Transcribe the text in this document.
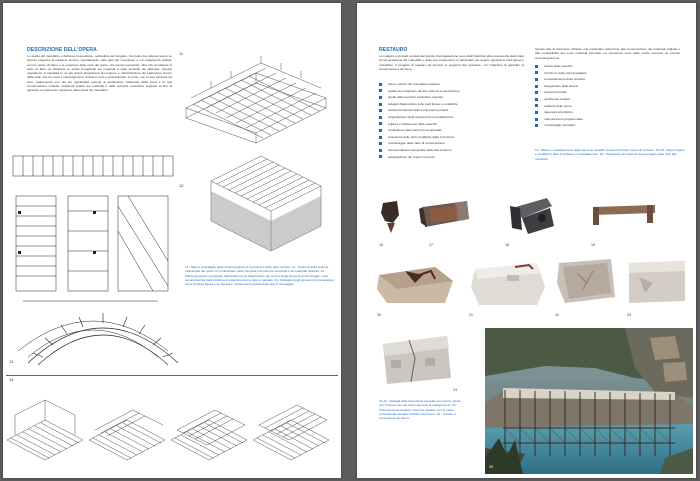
DESCRIZIONE DELL'OPERA

Lo studio del manufatto e dell'area in questione, nell'ambito del progetto, ha risolto con attento lavoro su diverse esigenze di carattere tecnico, specialmente nelle parti più complesse e con esperienza pratica, ecco le opere di rilievo e le coperture delle zone del ponte, che hanno consentito, oltre che di valutare lo stato di fatto, di effettuare le scelte progettuali sui materiali e sulle tecniche da utilizzare. Questa operazione si inquadra in un più ampio programma di recupero e valorizzazione del patrimonio storico della città, che ha visto il coinvolgimento di diversi enti e professionisti. Il ponte, con la sua struttura ad arco, rappresenta uno dei più significativi esempi di architettura medievale della zona e la sua conservazione richiede un'attenta analisi dei materiali e delle tecniche costruttive originali, al fine di garantire un intervento rispettoso della storia del manufatto.

11
12
13

11 - Rilievo di dettaglio della struttura lignea di copertura e delle parti murarie. 12 - Schema della sezione trasversale del ponte con indicazione delle principali componenti strutturali e dei materiali utilizzati. 13 - Pianta generale e prospetto dell'arcata con la disposizione dei conci e degli elementi di ancoraggio; vista assonometrica della struttura di copertura con le travi e i tavolati. 14 - Dettaglio degli elementi di connessione tra la struttura lignea e la muratura; ricostruzione grafica delle fasi di montaggio.

14
RESTAURO

Le indagini e gli studi condotti dal gruppo di progettazione sono stati finalizzati alla conoscenza dello stato di conservazione del manufatto e delle sue componenti, in particolare per quanto riguarda le parti lignee e metalliche. Il progetto di restauro ha previsto le seguenti fasi operative, con l'obiettivo di garantire la conservazione del bene:

rilievo metrico del manufatto esistente
analisi dei materiali e del loro stato di conservazione
studio delle tecniche costruttive originali
indagini diagnostiche sulle parti lignee e metalliche
verifica strutturale delle componenti portanti
progettazione degli interventi di consolidamento
pulitura e trattamento delle superfici
sostituzione delle parti non recuperabili
protezione delle parti metalliche dalla corrosione
monitoraggio dello stato di conservazione
documentazione fotografica delle fasi di lavoro
catalogazione dei reperti rinvenuti

Questo tipo di intervento richiede una particolare attenzione alla conservazione dei materiali originali e alla compatibilità dei nuovi materiali introdotti. Le operazioni sono state svolte secondo un preciso cronoprogramma:

pulizia delle superfici
rimozione delle parti degradate
consolidamento delle strutture
integrazione delle lacune
protezione finale
verifica dei risultati
collaudo delle opere
riapertura al pubblico
manutenzione programmata
monitoraggio periodico

15 - Rilievo e catalogazione degli elementi metallici rinvenuti durante i lavori di restauro. 16-18 - Reperti lignei e metallici in fase di pulitura e consolidamento. 19 - Particolare del sistema di ancoraggio delle travi alla muratura.

16	17	18	19
20	21	22	23
24

21-22 - Dettagli delle lavorazioni eseguite sui conci in pietra con l'inserimento dei nuovi elementi di collegamento. 23 - Vista del ponte durante i lavori di restauro con le opere provvisionali montate sull'alveo del fiume. 24 - Il ponte a conclusione dei lavori.

25
